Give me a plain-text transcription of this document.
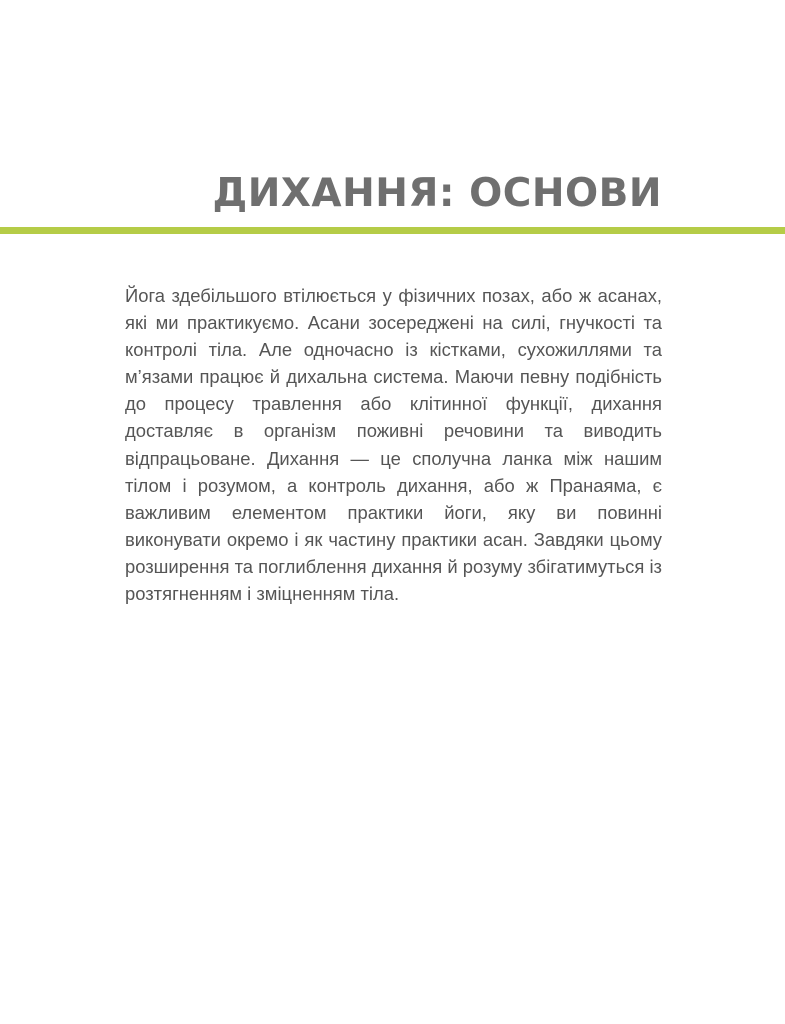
ДИХАННЯ: ОСНОВИ

Йога здебільшого втілюється у фізичних позах, або ж асанах, які ми практикуємо. Асани зосереджені на силі, гнучкості та контролі тіла. Але одночасно із кістками, сухожиллями та м’язами працює й дихальна система. Маючи певну подібність до процесу травлення або клітинної функції, дихання доставляє в організм поживні речовини та виводить відпрацьоване. Дихання — це сполучна ланка між нашим тілом і розумом, а контроль дихання, або ж Пранаяма, є важливим елементом практики йоги, яку ви повинні виконувати окремо і як частину практики асан. Завдяки цьому розширення та поглиблення дихання й розуму збігатимуться із розтягненням і зміцненням тіла.
